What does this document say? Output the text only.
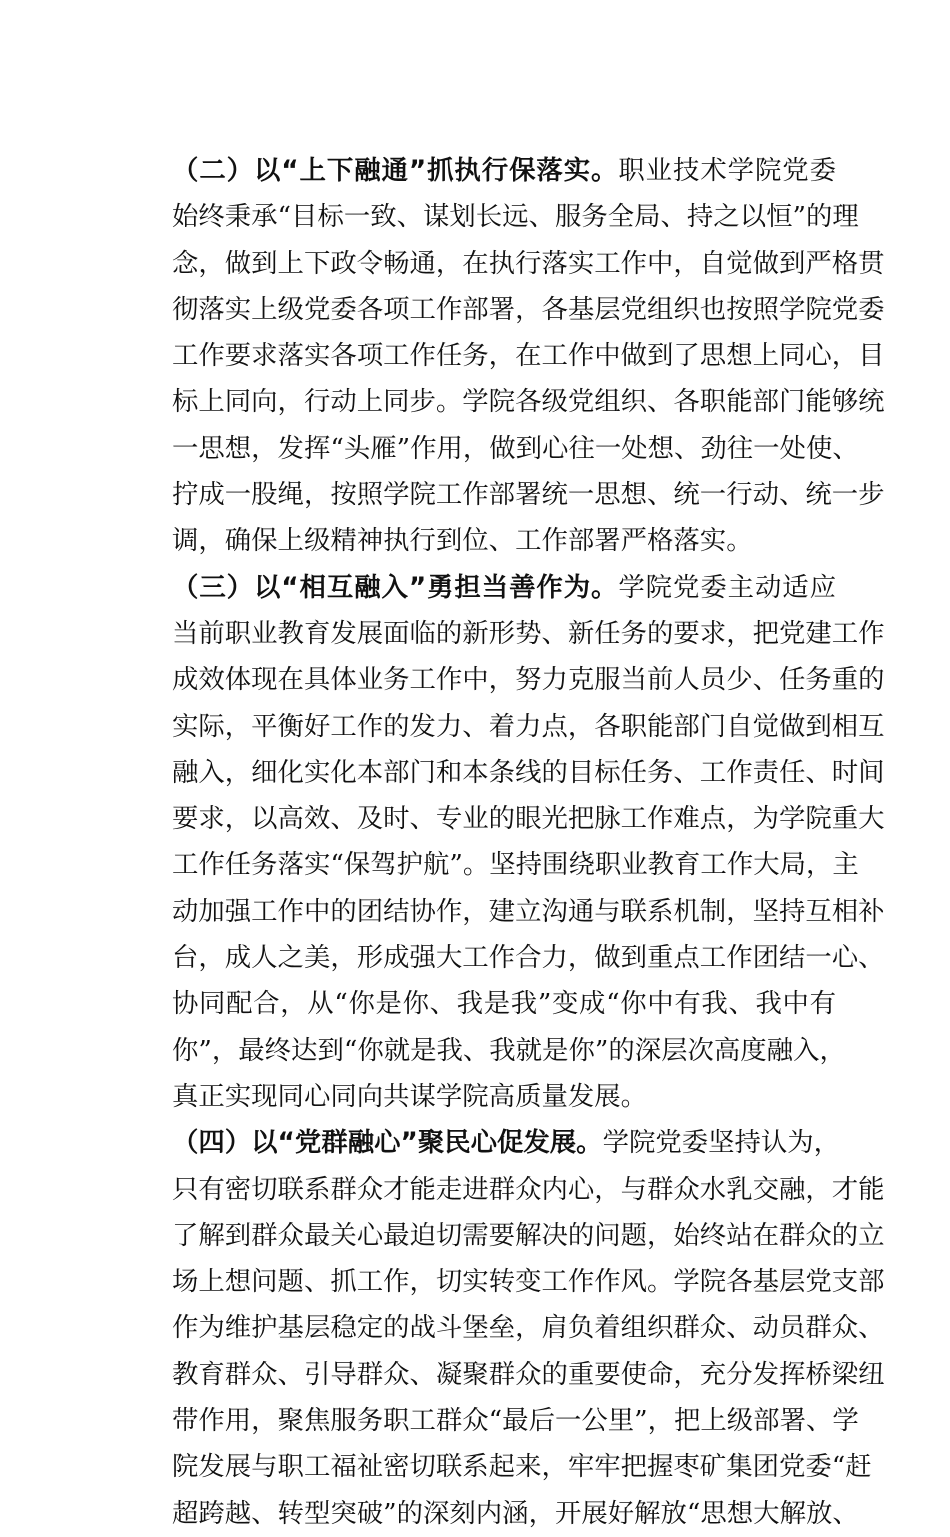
（二）以“上下融通”抓执行保落实。职业技术学院党委
始终秉承“目标一致、谋划长远、服务全局、持之以恒”的理
念，做到上下政令畅通，在执行落实工作中，自觉做到严格贯
彻落实上级党委各项工作部署，各基层党组织也按照学院党委
工作要求落实各项工作任务，在工作中做到了思想上同心，目
标上同向，行动上同步。学院各级党组织、各职能部门能够统
一思想，发挥“头雁”作用，做到心往一处想、劲往一处使、
拧成一股绳，按照学院工作部署统一思想、统一行动、统一步
调，确保上级精神执行到位、工作部署严格落实。
（三）以“相互融入”勇担当善作为。学院党委主动适应
当前职业教育发展面临的新形势、新任务的要求，把党建工作
成效体现在具体业务工作中，努力克服当前人员少、任务重的
实际，平衡好工作的发力、着力点，各职能部门自觉做到相互
融入，细化实化本部门和本条线的目标任务、工作责任、时间
要求，以高效、及时、专业的眼光把脉工作难点，为学院重大
工作任务落实“保驾护航”。坚持围绕职业教育工作大局，主
动加强工作中的团结协作，建立沟通与联系机制，坚持互相补
台，成人之美，形成强大工作合力，做到重点工作团结一心、
协同配合，从“你是你、我是我”变成“你中有我、我中有
你”，最终达到“你就是我、我就是你”的深层次高度融入，
真正实现同心同向共谋学院高质量发展。
（四）以“党群融心”聚民心促发展。学院党委坚持认为，
只有密切联系群众才能走进群众内心，与群众水乳交融，才能
了解到群众最关心最迫切需要解决的问题，始终站在群众的立
场上想问题、抓工作，切实转变工作作风。学院各基层党支部
作为维护基层稳定的战斗堡垒，肩负着组织群众、动员群众、
教育群众、引导群众、凝聚群众的重要使命，充分发挥桥梁纽
带作用，聚焦服务职工群众“最后一公里”，把上级部署、学
院发展与职工福祉密切联系起来，牢牢把握枣矿集团党委“赶
超跨越、转型突破”的深刻内涵，开展好解放“思想大解放、
